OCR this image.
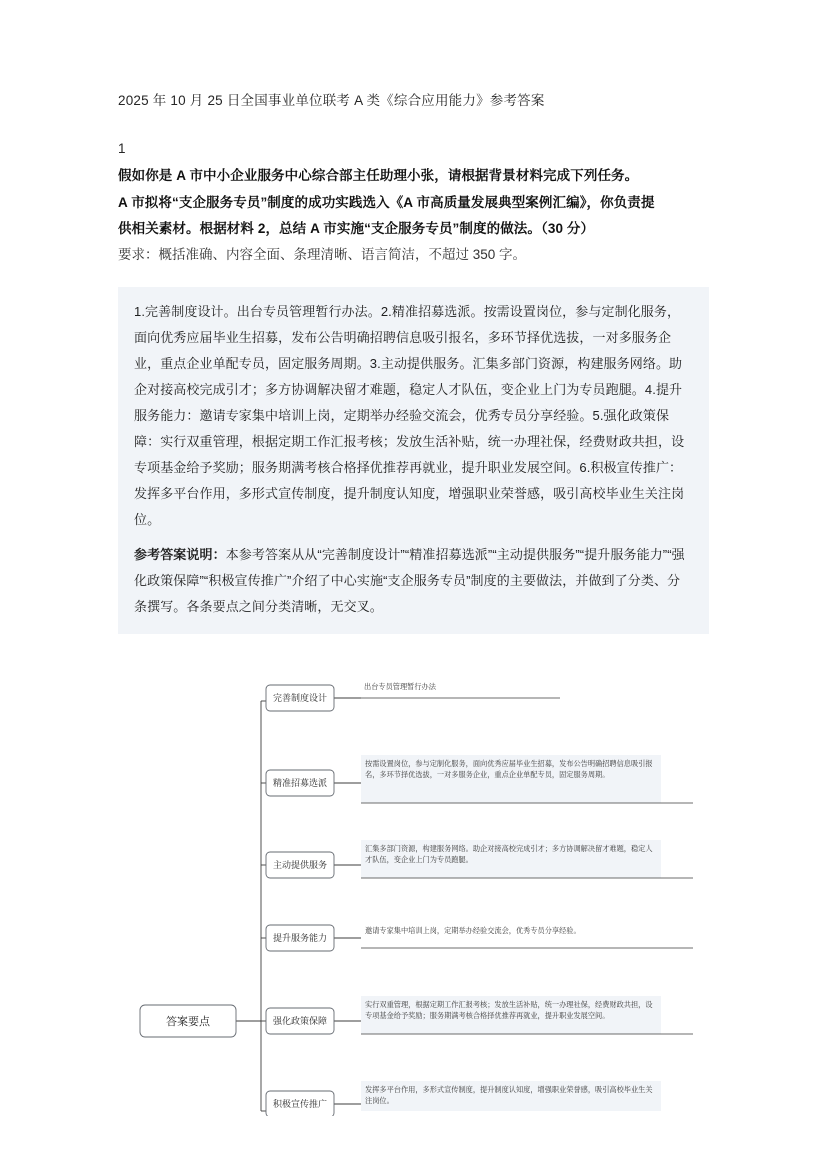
2025 年 10 月 25 日全国事业单位联考 A 类《综合应用能力》参考答案
1
假如你是 A 市中小企业服务中心综合部主任助理小张，请根据背景材料完成下列任务。
A 市拟将“支企服务专员”制度的成功实践选入《A 市高质量发展典型案例汇编》，你负责提
供相关素材。根据材料 2，总结 A 市实施“支企服务专员”制度的做法。（30 分）
要求：概括准确、内容全面、条理清晰、语言简洁，不超过 350 字。
1.完善制度设计。出台专员管理暂行办法。2.精准招募选派。按需设置岗位，参与定制化服务，面向优秀应届毕业生招募，发布公告明确招聘信息吸引报名，多环节择优选拔，一对多服务企业，重点企业单配专员，固定服务周期。3.主动提供服务。汇集多部门资源，构建服务网络。助企对接高校完成引才；多方协调解决留才难题，稳定人才队伍，变企业上门为专员跑腿。4.提升服务能力：邀请专家集中培训上岗，定期举办经验交流会，优秀专员分享经验。5.强化政策保障：实行双重管理，根据定期工作汇报考核；发放生活补贴，统一办理社保，经费财政共担，设专项基金给予奖励；服务期满考核合格择优推荐再就业，提升职业发展空间。6.积极宣传推广：发挥多平台作用，多形式宣传制度，提升制度认知度，增强职业荣誉感，吸引高校毕业生关注岗位。
参考答案说明：本参考答案从从“完善制度设计”“精准招募选派”“主动提供服务”“提升服务能力”“强化政策保障”“积极宣传推广”介绍了中心实施“支企服务专员”制度的主要做法，并做到了分类、分条撰写。各条要点之间分类清晰，无交叉。
答案要点
完善制度设计
出台专员管理暂行办法
精准招募选派
按需设置岗位，参与定制化服务，面向优秀应届毕业生招募，发布公告明确招聘信息吸引报名，多环节择优选拔，一对多服务企业，重点企业单配专员，固定服务周期。
主动提供服务
汇集多部门资源，构建服务网络。助企对接高校完成引才；多方协调解决留才难题，稳定人才队伍，变企业上门为专员跑腿。
提升服务能力
邀请专家集中培训上岗，定期举办经验交流会，优秀专员分享经验。
强化政策保障
实行双重管理，根据定期工作汇报考核；发放生活补贴，统一办理社保，经费财政共担，设专项基金给予奖励；服务期满考核合格择优推荐再就业，提升职业发展空间。
积极宣传推广
发挥多平台作用，多形式宣传制度，提升制度认知度，增强职业荣誉感，吸引高校毕业生关注岗位。
